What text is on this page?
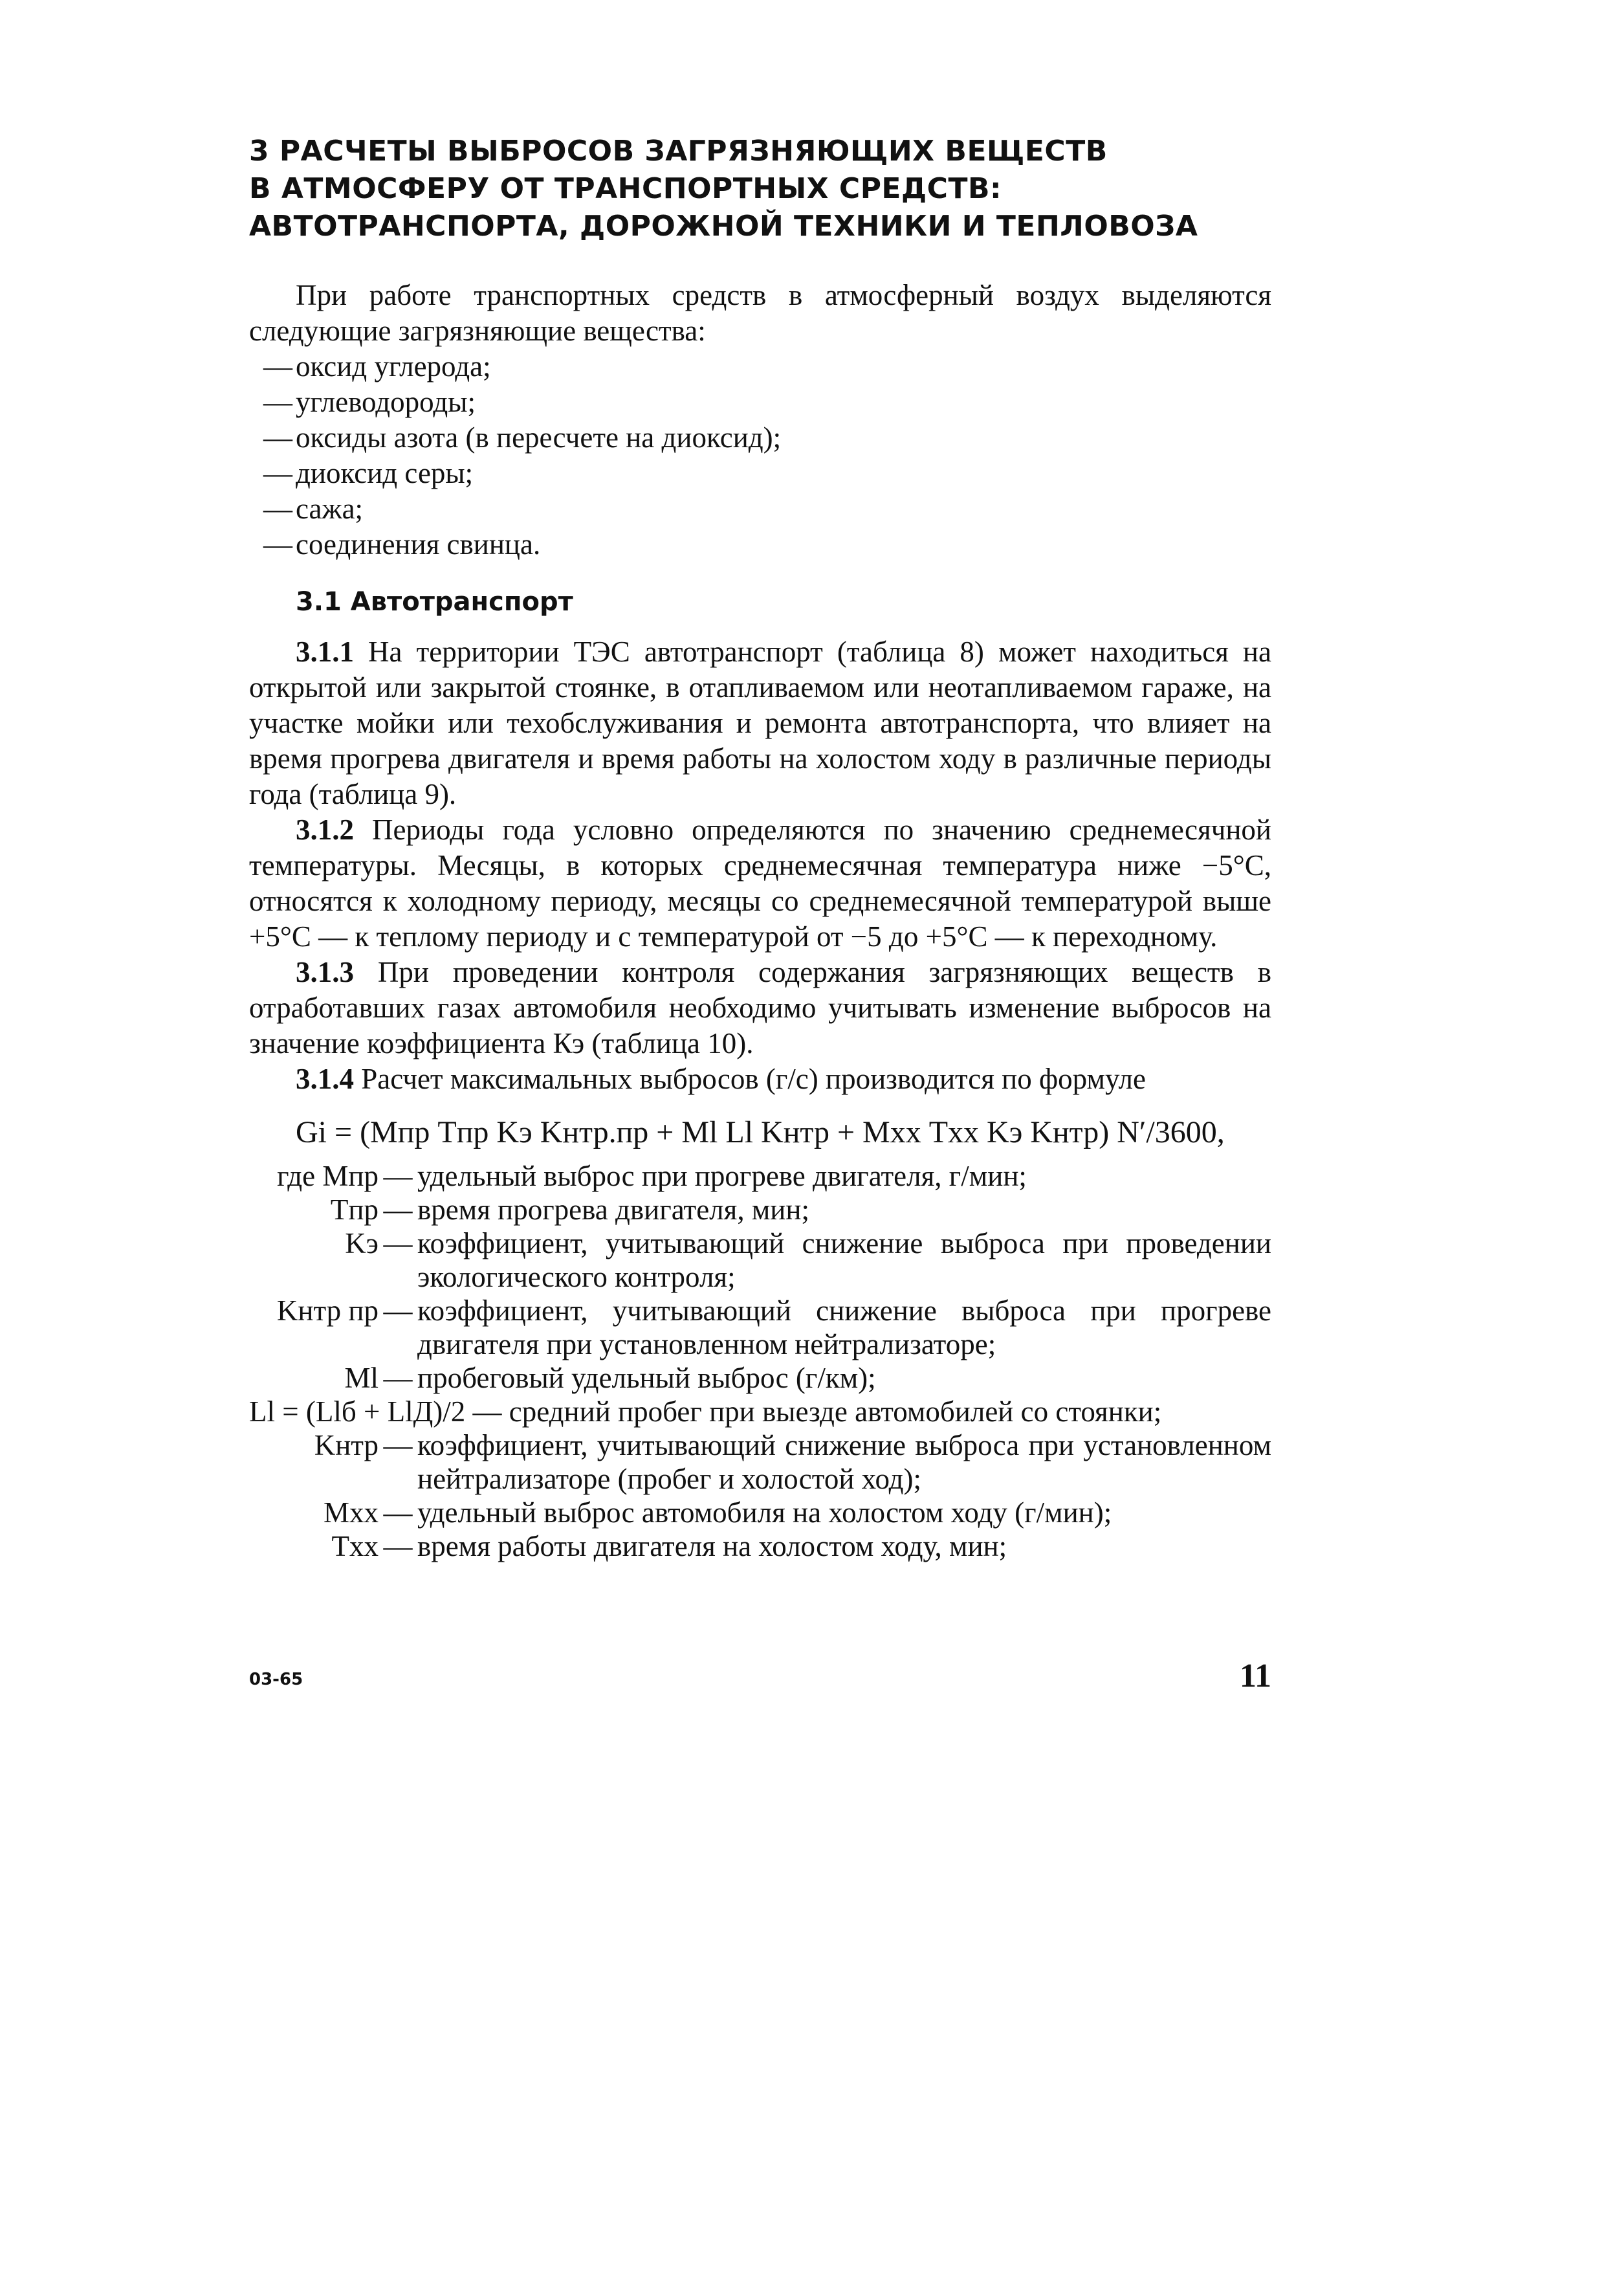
3 РАСЧЕТЫ ВЫБРОСОВ ЗАГРЯЗНЯЮЩИХ ВЕЩЕСТВ
В АТМОСФЕРУ ОТ ТРАНСПОРТНЫХ СРЕДСТВ:
АВТОТРАНСПОРТА, ДОРОЖНОЙ ТЕХНИКИ И ТЕПЛОВОЗА

При работе транспортных средств в атмосферный воздух выделяются следующие загрязняющие вещества:

— оксид углерода;
— углеводороды;
— оксиды азота (в пересчете на диоксид);
— диоксид серы;
— сажа;
— соединения свинца.
3.1 Автотранспорт

3.1.1 На территории ТЭС автотранспорт (таблица 8) может находиться на открытой или закрытой стоянке, в отапливаемом или неотапливаемом гараже, на участке мойки или техобслуживания и ремонта автотранспорта, что влияет на время прогрева двигателя и время работы на холостом ходу в различные периоды года (таблица 9).

3.1.2 Периоды года условно определяются по значению среднемесячной температуры. Месяцы, в которых среднемесячная температура ниже −5°С, относятся к холодному периоду, месяцы со среднемесячной температурой выше +5°С — к теплому периоду и с температурой от −5 до +5°С — к переходному.

3.1.3 При проведении контроля содержания загрязняющих веществ в отработавших газах автомобиля необходимо учитывать изменение выбросов на значение коэффициента Кэ (таблица 10).

3.1.4 Расчет максимальных выбросов (г/с) производится по формуле

Gi = (Mпр Tпр Kэ Kнтр.пр + Ml Ll Kнтр + Mхх Tхх Kэ Kнтр) N′/3600,
где Mпр	—	удельный выброс при прогреве двигателя, г/мин;
Tпр	—	время прогрева двигателя, мин;
Kэ	—	коэффициент, учитывающий снижение выброса при проведении экологического контроля;
Kнтр пр	—	коэффициент, учитывающий снижение выброса при прогреве двигателя при установленном нейтрализаторе;
Ml	—	пробеговый удельный выброс (г/км);
Ll = (Llб + LlД)/2 — средний пробег при выезде автомобилей со стоянки;		
Kнтр	—	коэффициент, учитывающий снижение выброса при установленном нейтрализаторе (пробег и холостой ход);
Mхх	—	удельный выброс автомобиля на холостом ходу (г/мин);
Tхх	—	время работы двигателя на холостом ходу, мин;
03-65	11
